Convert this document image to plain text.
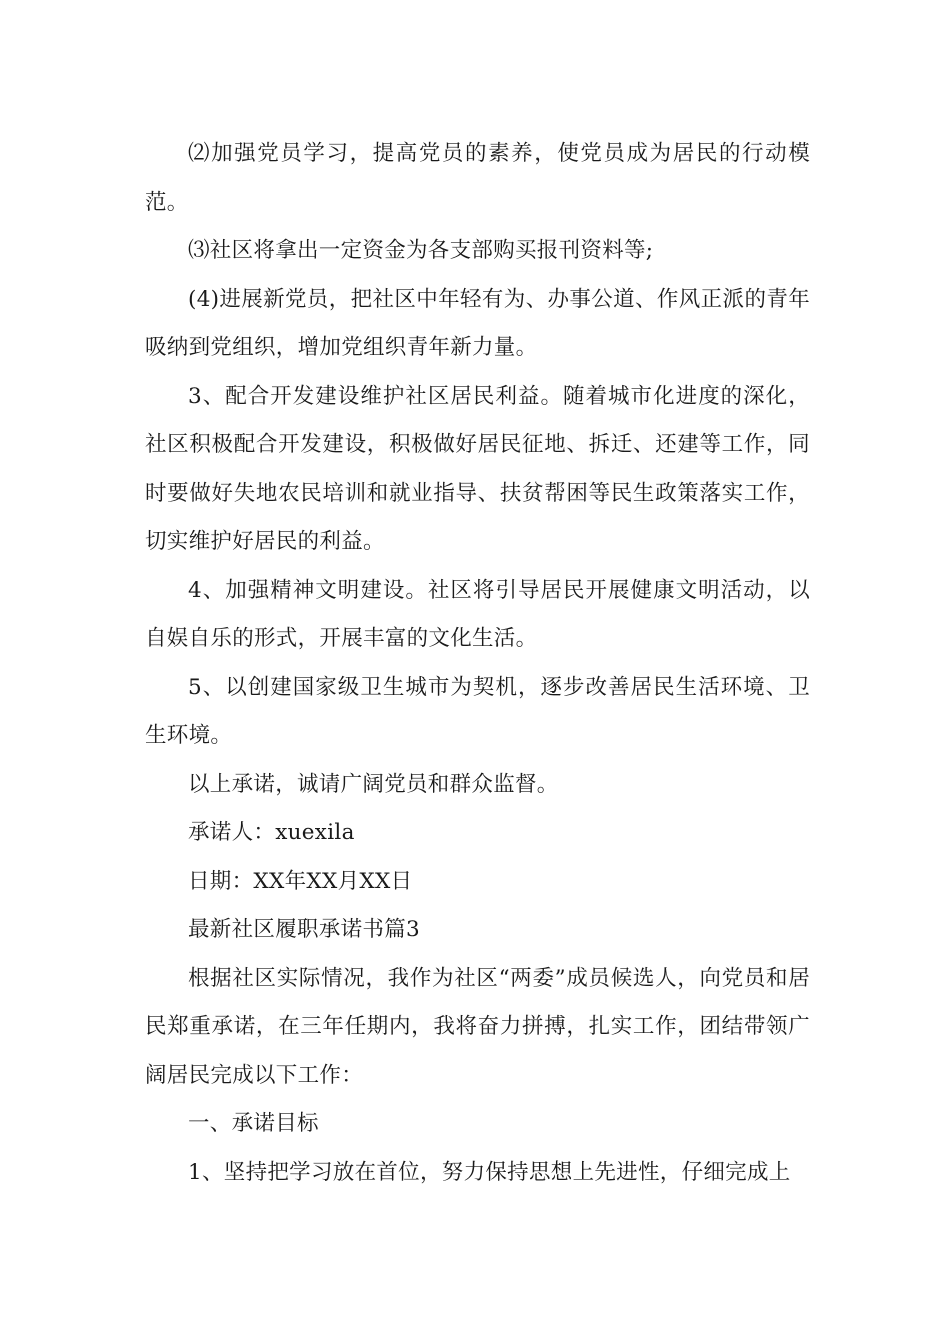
⑵加强党员学习，提高党员的素养，使党员成为居民的行动模范。

⑶社区将拿出一定资金为各支部购买报刊资料等;

(4)进展新党员，把社区中年轻有为、办事公道、作风正派的青年吸纳到党组织，增加党组织青年新力量。

3、配合开发建设维护社区居民利益。随着城市化进度的深化，社区积极配合开发建设，积极做好居民征地、拆迁、还建等工作，同时要做好失地农民培训和就业指导、扶贫帮困等民生政策落实工作，切实维护好居民的利益。

4、加强精神文明建设。社区将引导居民开展健康文明活动，以自娱自乐的形式，开展丰富的文化生活。

5、以创建国家级卫生城市为契机，逐步改善居民生活环境、卫生环境。

以上承诺，诚请广阔党员和群众监督。

承诺人：xuexila

日期：XX年XX月XX日

最新社区履职承诺书篇3

根据社区实际情况，我作为社区“两委”成员候选人，向党员和居民郑重承诺，在三年任期内，我将奋力拼搏，扎实工作，团结带领广阔居民完成以下工作：

一、承诺目标

1、坚持把学习放在首位，努力保持思想上先进性，仔细完成上
